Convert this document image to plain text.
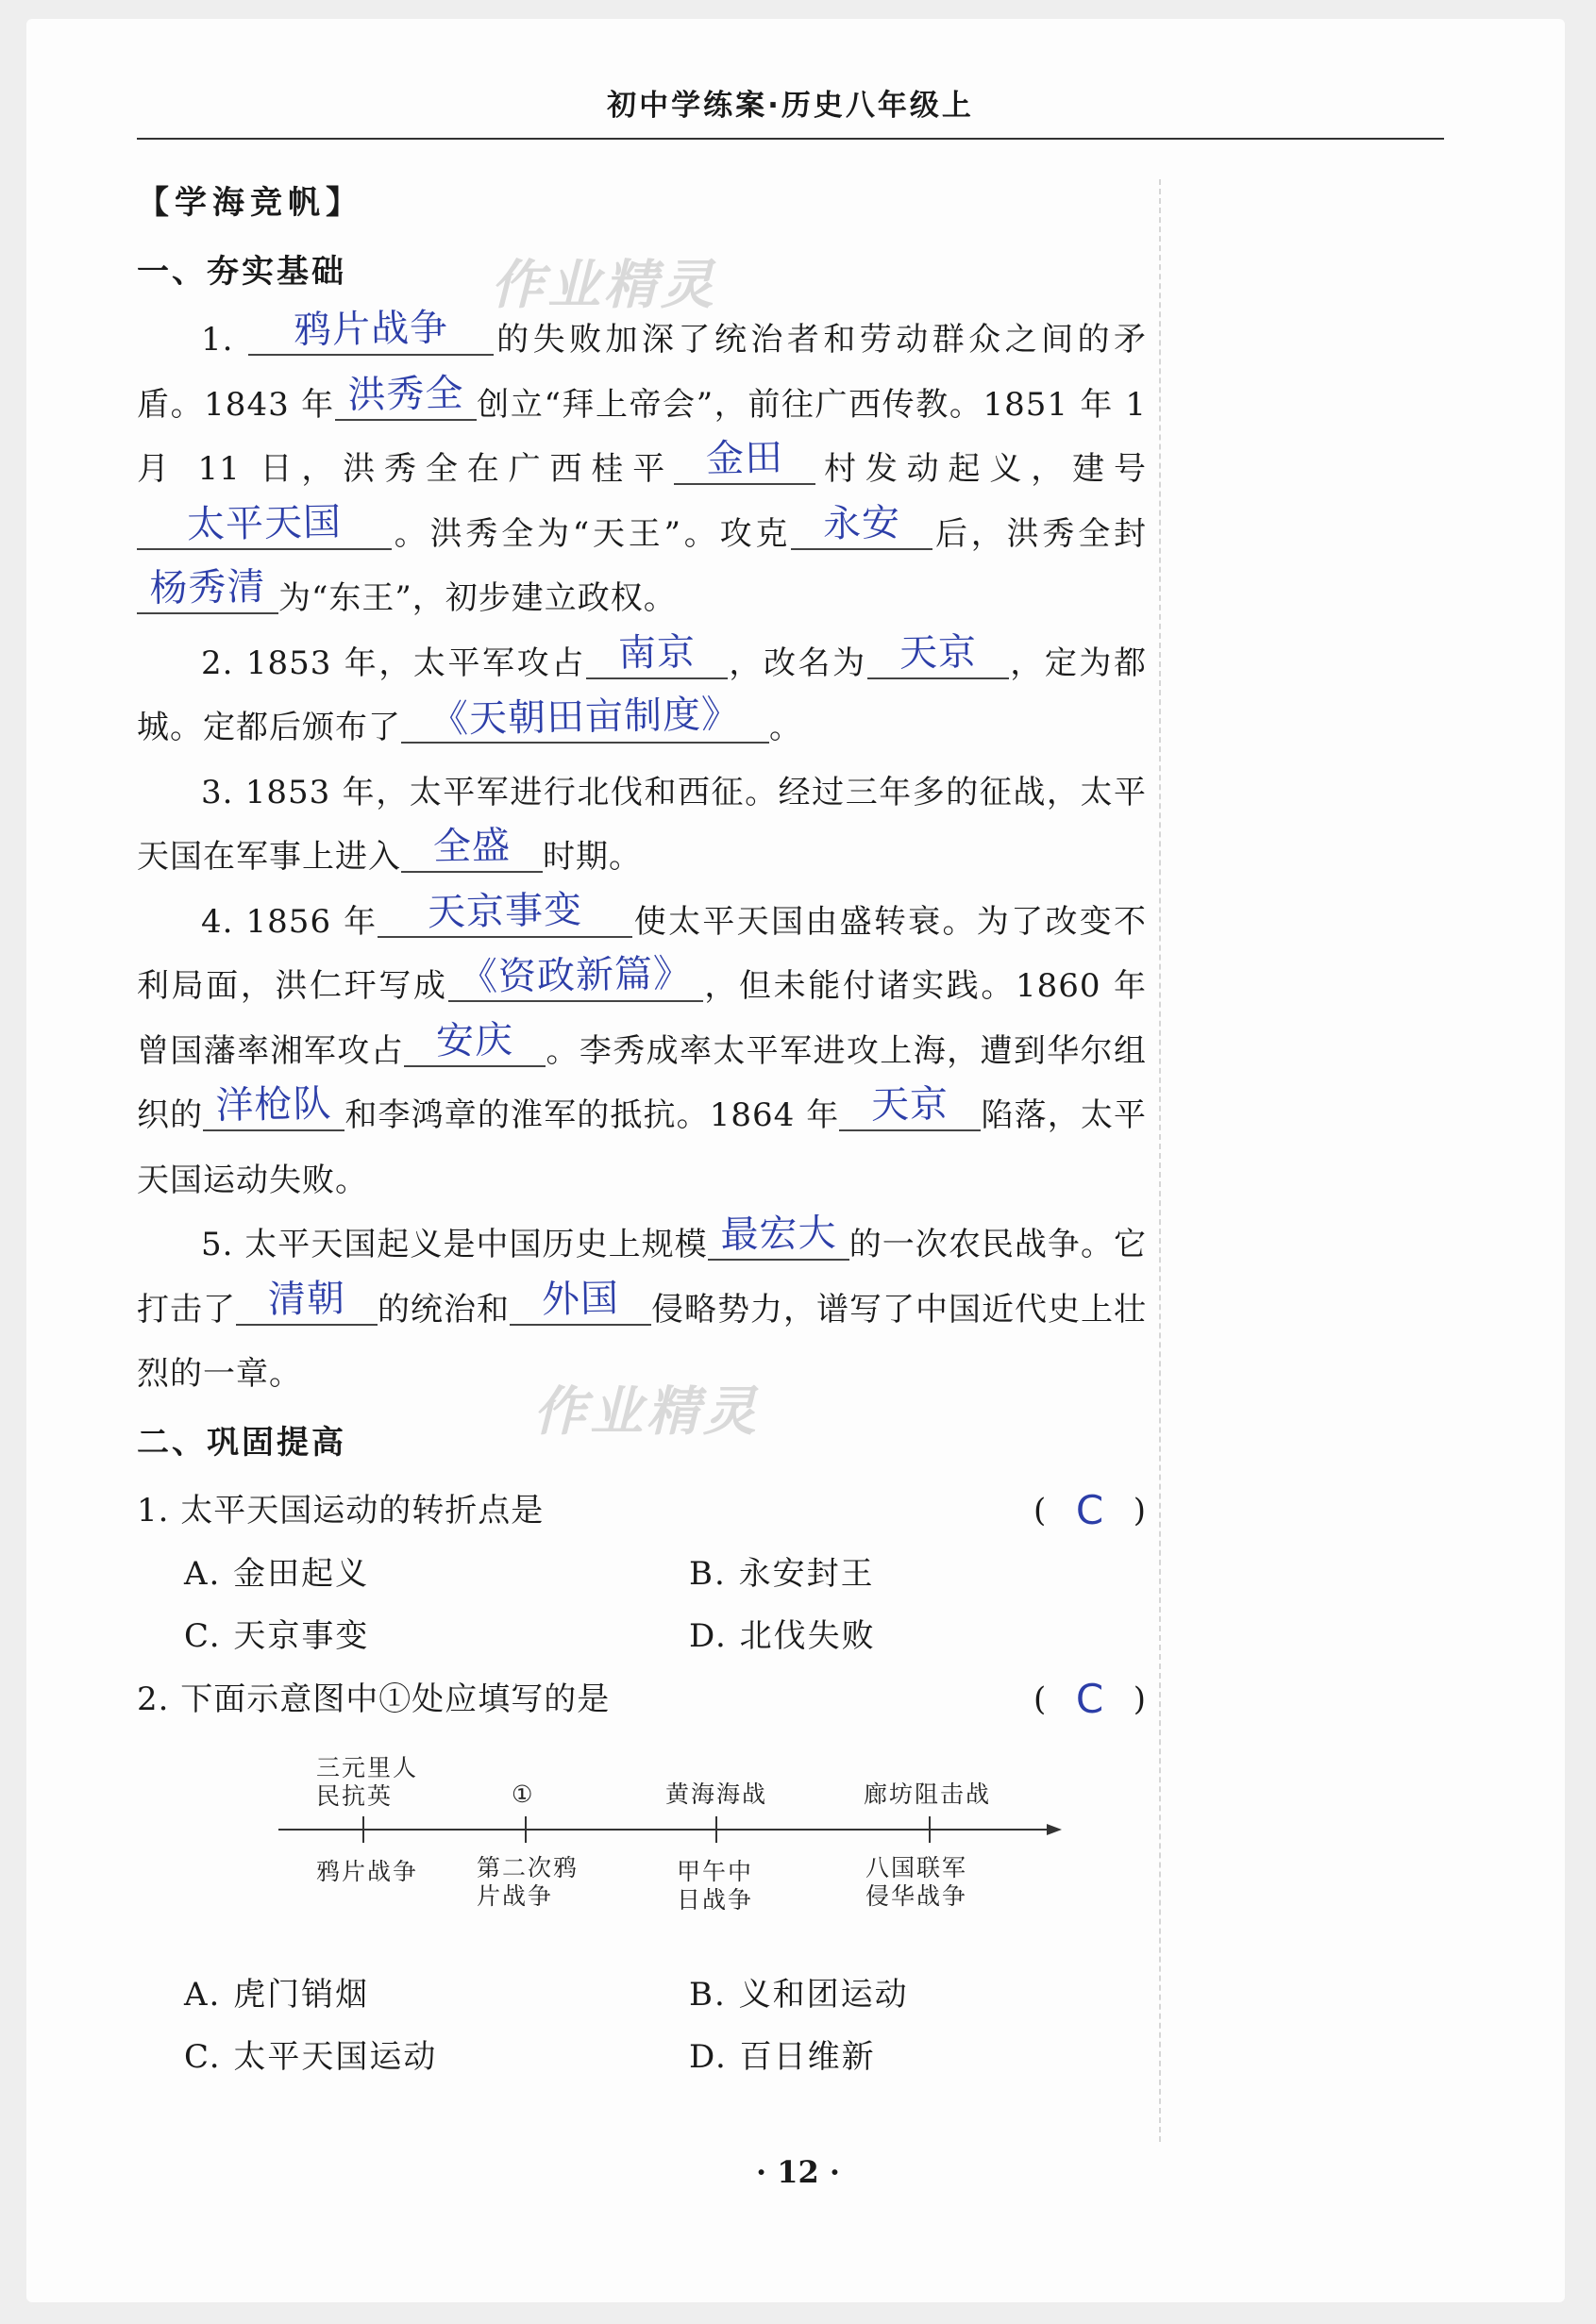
初中学练案·历史八年级上
作业精灵
作业精灵
【学海竞帆】
一、夯实基础

1.	鸦片战争	的失败加深了统治者和劳动群众之间的矛盾。1843 年 洪秀全 创立“拜上帝会”，前往广西传教。1851 年 1 月 11 日，洪秀全在广西桂平 金田 村发动起义，建号
太平天国	。洪秀全为“天王”。攻克 永安 后，洪秀全封
杨秀清 为“东王”，初步建立政权。

2. 1853 年，太平军攻占 南京 ，改名为 天京 ，定为都城。定都后颁布了 《天朝田亩制度》 。

3. 1853 年，太平军进行北伐和西征。经过三年多的征战，太平天国在军事上进入 全盛 时期。

4. 1856 年	天京事变	使太平天国由盛转衰。为了改变不利局面，洪仁玕写成 《资政新篇》 ，但未能付诸实践。1860 年曾国藩率湘军攻占 安庆 。李秀成率太平军进攻上海，遭到华尔组织的 洋枪队 和李鸿章的淮军的抵抗。1864 年 天京 陷落，太平天国运动失败。

5. 太平天国起义是中国历史上规模 最宏大 的一次农民战争。它打击了 清朝 的统治和 外国 侵略势力，谱写了中国近代史上壮烈的一章。

二、巩固提高
1. 太平天国运动的转折点是	( C )
A. 金田起义	B. 永安封王
C. 天京事变	D. 北伐失败
2. 下面示意图中①处应填写的是	( C )
三元里人
民抗英	①	黄海海战	廊坊阻击战
鸦片战争 第二次鸦
片战争
甲午中
日战争
八国联军
侵华战争
A. 虎门销烟	B. 义和团运动
C. 太平天国运动	D. 百日维新
· 12 ·
